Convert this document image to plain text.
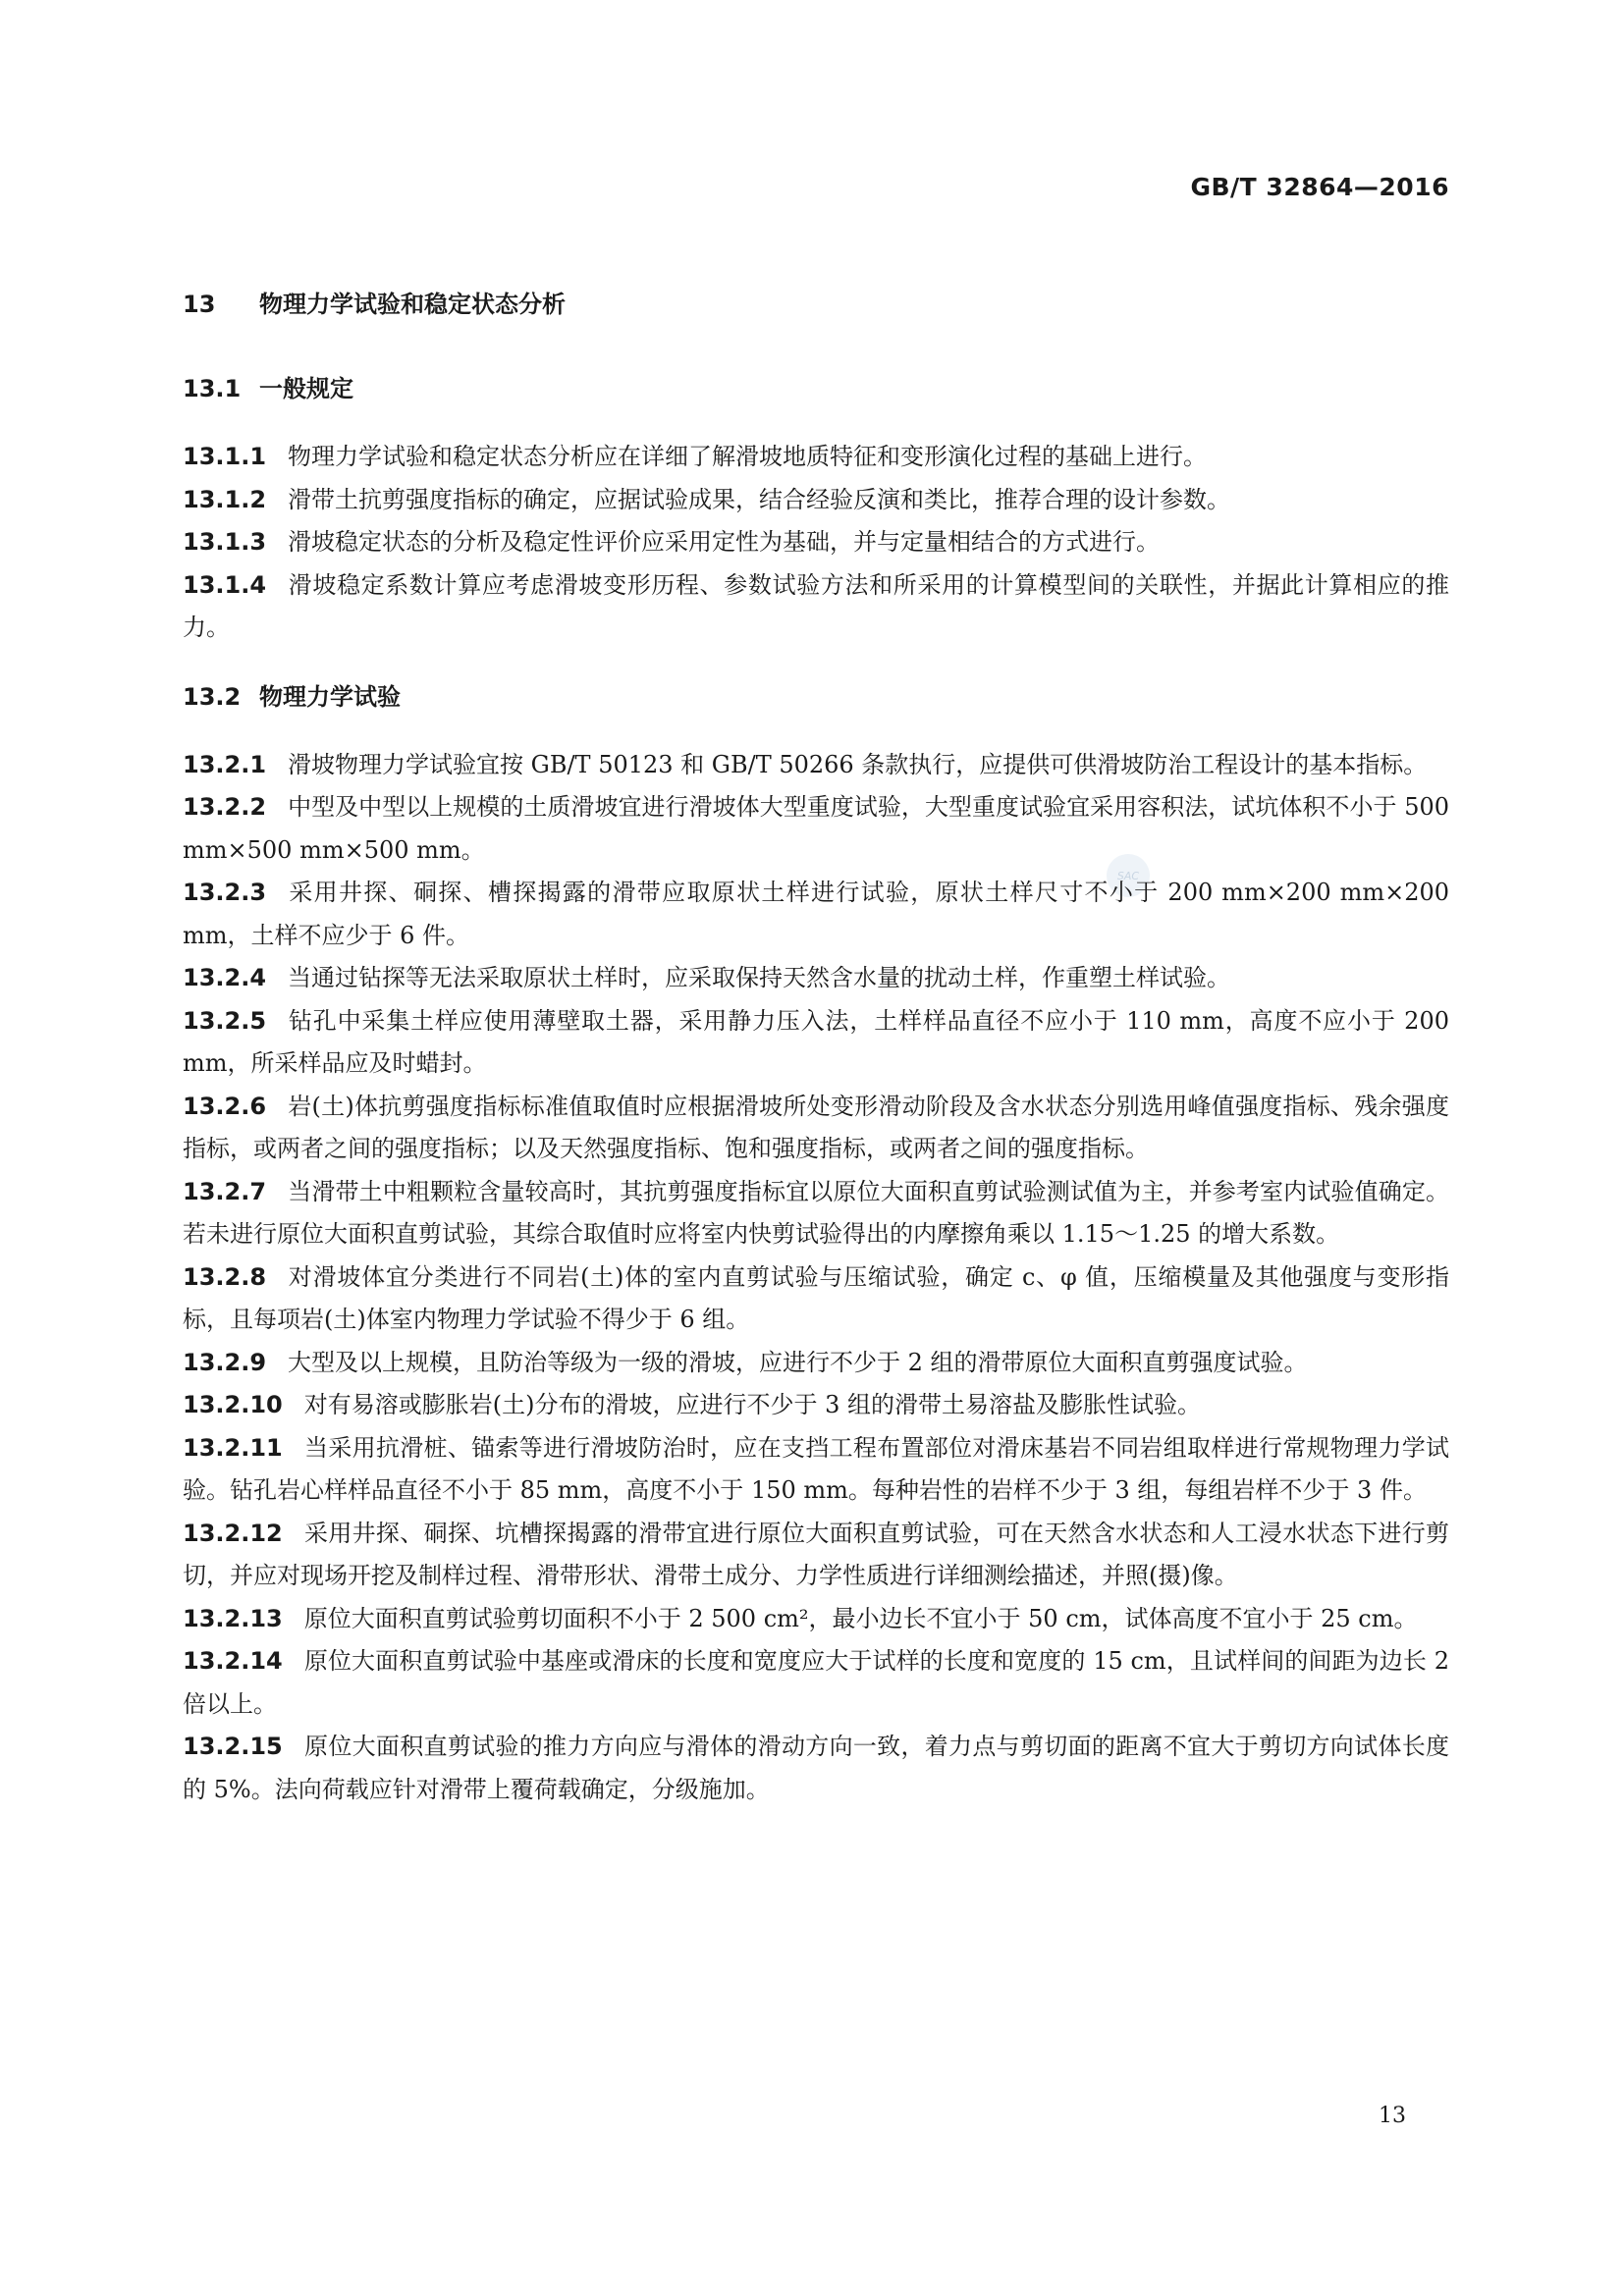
GB/T 32864—2016
SAC
13 物理力学试验和稳定状态分析
13.1 一般规定

13.1.1 物理力学试验和稳定状态分析应在详细了解滑坡地质特征和变形演化过程的基础上进行。

13.1.2 滑带土抗剪强度指标的确定，应据试验成果，结合经验反演和类比，推荐合理的设计参数。

13.1.3 滑坡稳定状态的分析及稳定性评价应采用定性为基础，并与定量相结合的方式进行。

13.1.4 滑坡稳定系数计算应考虑滑坡变形历程、参数试验方法和所采用的计算模型间的关联性，并据此计算相应的推力。

13.2 物理力学试验

13.2.1 滑坡物理力学试验宜按 GB/T 50123 和 GB/T 50266 条款执行，应提供可供滑坡防治工程设计的基本指标。

13.2.2 中型及中型以上规模的土质滑坡宜进行滑坡体大型重度试验，大型重度试验宜采用容积法，试坑体积不小于 500 mm×500 mm×500 mm。

13.2.3 采用井探、硐探、槽探揭露的滑带应取原状土样进行试验，原状土样尺寸不小于 200 mm×200 mm×200 mm，土样不应少于 6 件。

13.2.4 当通过钻探等无法采取原状土样时，应采取保持天然含水量的扰动土样，作重塑土样试验。

13.2.5 钻孔中采集土样应使用薄壁取土器，采用静力压入法，土样样品直径不应小于 110 mm，高度不应小于 200 mm，所采样品应及时蜡封。

13.2.6 岩(土)体抗剪强度指标标准值取值时应根据滑坡所处变形滑动阶段及含水状态分别选用峰值强度指标、残余强度指标，或两者之间的强度指标；以及天然强度指标、饱和强度指标，或两者之间的强度指标。

13.2.7 当滑带土中粗颗粒含量较高时，其抗剪强度指标宜以原位大面积直剪试验测试值为主，并参考室内试验值确定。若未进行原位大面积直剪试验，其综合取值时应将室内快剪试验得出的内摩擦角乘以 1.15～1.25 的增大系数。

13.2.8 对滑坡体宜分类进行不同岩(土)体的室内直剪试验与压缩试验，确定 c、φ 值，压缩模量及其他强度与变形指标，且每项岩(土)体室内物理力学试验不得少于 6 组。

13.2.9 大型及以上规模，且防治等级为一级的滑坡，应进行不少于 2 组的滑带原位大面积直剪强度试验。

13.2.10 对有易溶或膨胀岩(土)分布的滑坡，应进行不少于 3 组的滑带土易溶盐及膨胀性试验。

13.2.11 当采用抗滑桩、锚索等进行滑坡防治时，应在支挡工程布置部位对滑床基岩不同岩组取样进行常规物理力学试验。钻孔岩心样样品直径不小于 85 mm，高度不小于 150 mm。每种岩性的岩样不少于 3 组，每组岩样不少于 3 件。

13.2.12 采用井探、硐探、坑槽探揭露的滑带宜进行原位大面积直剪试验，可在天然含水状态和人工浸水状态下进行剪切，并应对现场开挖及制样过程、滑带形状、滑带土成分、力学性质进行详细测绘描述，并照(摄)像。

13.2.13 原位大面积直剪试验剪切面积不小于 2 500 cm²，最小边长不宜小于 50 cm，试体高度不宜小于 25 cm。

13.2.14 原位大面积直剪试验中基座或滑床的长度和宽度应大于试样的长度和宽度的 15 cm，且试样间的间距为边长 2 倍以上。

13.2.15 原位大面积直剪试验的推力方向应与滑体的滑动方向一致，着力点与剪切面的距离不宜大于剪切方向试体长度的 5%。法向荷载应针对滑带上覆荷载确定，分级施加。

13
